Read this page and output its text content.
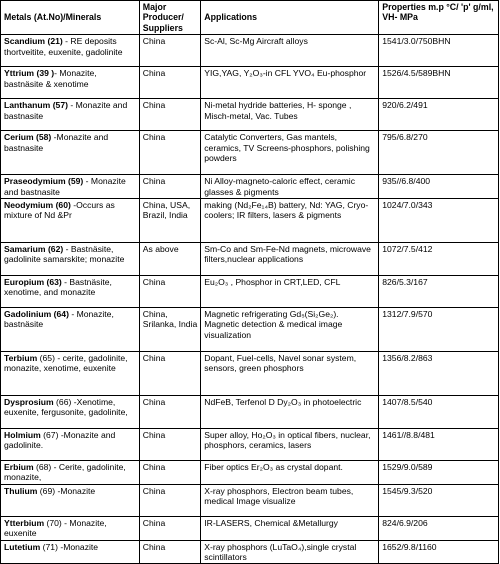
Metals (At.No)/Minerals	Major Producer/ Suppliers	Applications	Properties m.p °C/ 'p' g/ml, VH- MPa
Scandium (21) - RE deposits thortveitite, euxenite, gadolinite	China	Sc-Al, Sc-Mg Aircraft alloys	1541/3.0/750BHN
Yttrium (39 )- Monazite, bastnäsite & xenotime	China	YIG,YAG, Y₂O₃-in CFL YVO₄ Eu-phosphor	1526/4.5/589BHN
Lanthanum (57) - Monazite and bastnasite	China	Ni-metal hydride batteries, H- sponge , Misch-metal, Vac. Tubes	920/6.2/491
Cerium (58) -Monazite and bastnasite	China	Catalytic Converters, Gas mantels, ceramics, TV Screens-phosphors, polishing powders	795/6.8/270
Praseodymium (59) - Monazite and bastnasite	China	Ni Alloy-magneto-caloric effect, ceramic glasses & pigments	935//6.8/400
Neodymium (60) -Occurs as mixture of Nd &Pr	China, USA, Brazil, India	making (Nd₂Fe₁₄B) battery, Nd: YAG, Cryo-coolers; IR filters, lasers & pigments	1024/7.0/343
Samarium (62) - Bastnäsite, gadolinite samarskite; monazite	As above	Sm-Co and Sm-Fe-Nd magnets, microwave filters,nuclear applications	1072/7.5/412
Europium (63) - Bastnäsite, xenotime, and monazite	China	Eu₂O₃ , Phosphor in CRT,LED, CFL	826/5.3/167
Gadolinium (64) - Monazite, bastnäsite	China, Srilanka, India	Magnetic refrigerating Gd₅(Si₂Ge₂). Magnetic detection & medical image visualization	1312/7.9/570
Terbium (65) - cerite, gadolinite, monazite, xenotime, euxenite	China	Dopant, Fuel-cells, Navel sonar system, sensors, green phosphors	1356/8.2/863
Dysprosium (66) -Xenotime, euxenite, fergusonite, gadolinite,	China	NdFeB, Terfenol D Dy₂O₃ in photoelectric	1407/8.5/540
Holmium (67) -Monazite and gadolinite.	China	Super alloy, Ho₂O₃ in optical fibers, nuclear, phosphors, ceramics, lasers	1461//8.8/481
Erbium (68) - Cerite, gadolinite, monazite,	China	Fiber optics Er₂O₃ as crystal dopant.	1529/9.0/589
Thulium (69) -Monazite	China	X-ray phosphors, Electron beam tubes, medical Image visualize	1545/9.3/520
Ytterbium (70) - Monazite, euxenite	China	IR-LASERS, Chemical &Metallurgy	824/6.9/206
Lutetium (71) -Monazite	China	X-ray phosphors (LuTaO₄),single crystal scintillators	1652/9.8/1160
